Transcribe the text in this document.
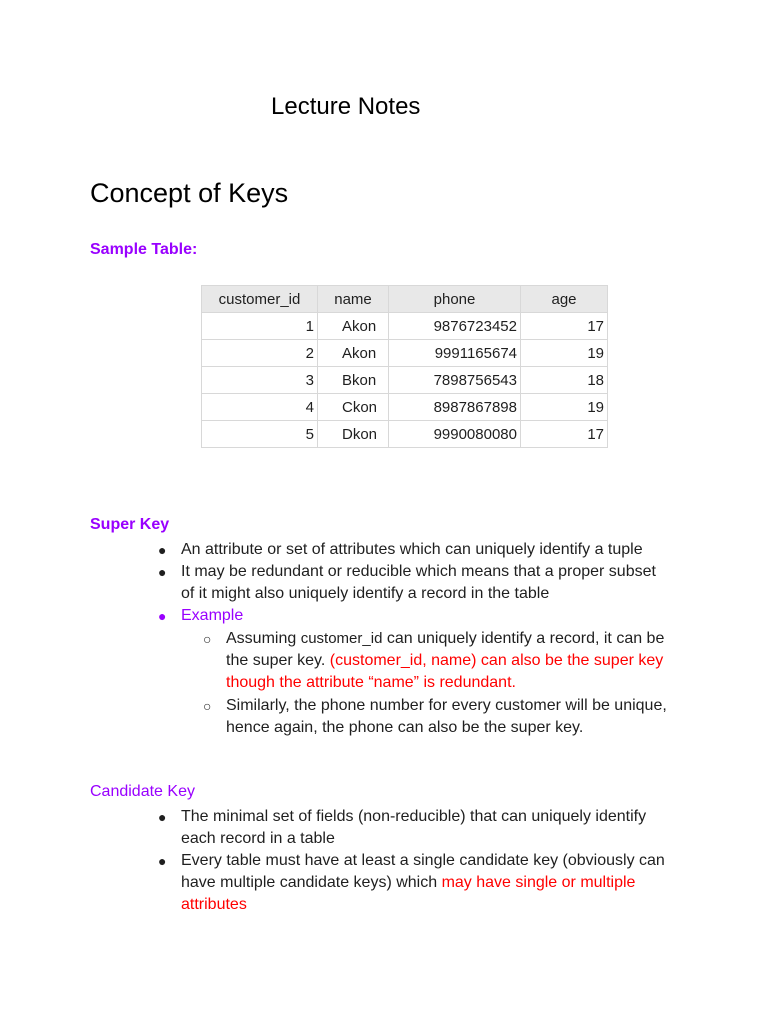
Lecture Notes
Concept of Keys
Sample Table:
customer_id	name	phone	age
1	Akon	9876723452	17
2	Akon	9991165674	19
3	Bkon	7898756543	18
4	Ckon	8987867898	19
5	Dkon	9990080080	17
Super Key
● An attribute or set of attributes which can uniquely identify a tuple
● It may be redundant or reducible which means that a proper subset
of it might also uniquely identify a record in the table
● Example
○ Assuming customer_id can uniquely identify a record, it can be
the super key. (customer_id, name) can also be the super key
though the attribute “name” is redundant.
○ Similarly, the phone number for every customer will be unique,
hence again, the phone can also be the super key.
Candidate Key
● The minimal set of fields (non-reducible) that can uniquely identify
each record in a table
● Every table must have at least a single candidate key (obviously can
have multiple candidate keys) which may have single or multiple
attributes
